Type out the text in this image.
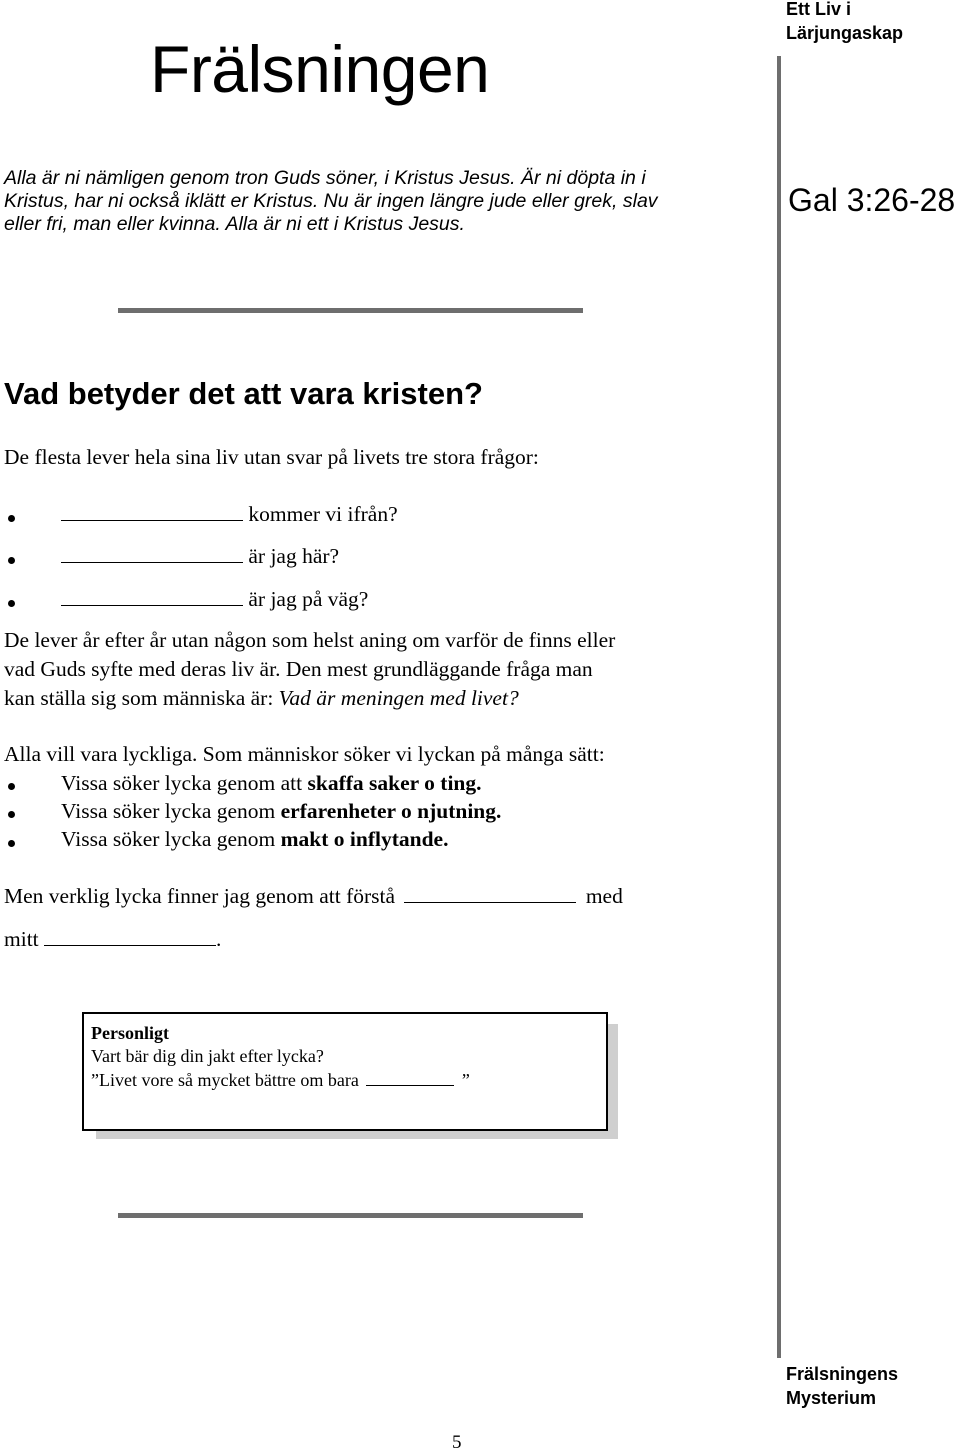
Ett Liv i
Lärjungaskap
Frälsningen
Alla är ni nämligen genom tron Guds söner, i Kristus Jesus. Är ni döpta in i
Kristus, har ni också iklätt er Kristus. Nu är ingen längre jude eller grek, slav
eller fri, man eller kvinna. Alla är ni ett i Kristus Jesus.
Gal 3:26-28
Vad betyder det att vara kristen?
De flesta lever hela sina liv utan svar på livets tre stora frågor:
kommer vi ifrån?
är jag här?
är jag på väg?
De lever år efter år utan någon som helst aning om varför de finns eller
vad Guds syfte med deras liv är. Den mest grundläggande fråga man
kan ställa sig som människa är: Vad är meningen med livet?
Alla vill vara lyckliga. Som människor söker vi lyckan på många sätt:
Vissa söker lycka genom att skaffa saker o ting.
Vissa söker lycka genom erfarenheter o njutning.
Vissa söker lycka genom makt o inflytande.
Men verklig lycka finner jag genom att förstå	med
mitt	.
Personligt
Vart bär dig din jakt efter lycka?
”Livet vore så mycket bättre om bara	”
Frälsningens
Mysterium
5
